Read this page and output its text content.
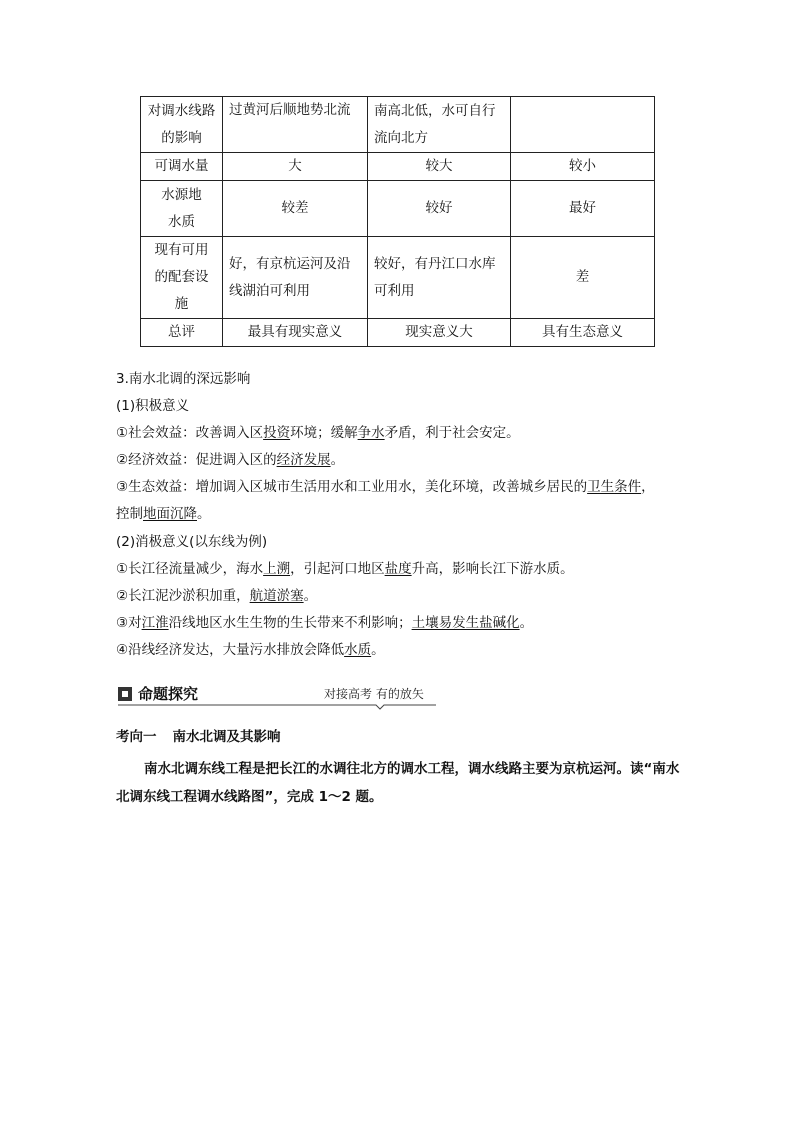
对调水线路的影响	过黄河后顺地势北流	南高北低，水可自行流向北方	
可调水量	大	较大	较小
水源地水质	较差	较好	最好
现有可用的配套设施	好，有京杭运河及沿线湖泊可利用	较好，有丹江口水库可利用	差
总评	最具有现实意义	现实意义大	具有生态意义
3.南水北调的深远影响
(1)积极意义
①社会效益：改善调入区投资环境；缓解争水矛盾，利于社会安定。
②经济效益：促进调入区的经济发展。
③生态效益：增加调入区城市生活用水和工业用水，美化环境，改善城乡居民的卫生条件，
控制地面沉降。
(2)消极意义(以东线为例)
①长江径流量减少，海水上溯，引起河口地区盐度升高，影响长江下游水质。
②长江泥沙淤积加重，航道淤塞。
③对江淮沿线地区水生生物的生长带来不利影响；土壤易发生盐碱化。
④沿线经济发达，大量污水排放会降低水质。
命题探究	对接高考 有的放矢
考向一 南水北调及其影响
南水北调东线工程是把长江的水调往北方的调水工程，调水线路主要为京杭运河。读“南水北调东线工程调水线路图”，完成 1～2 题。
